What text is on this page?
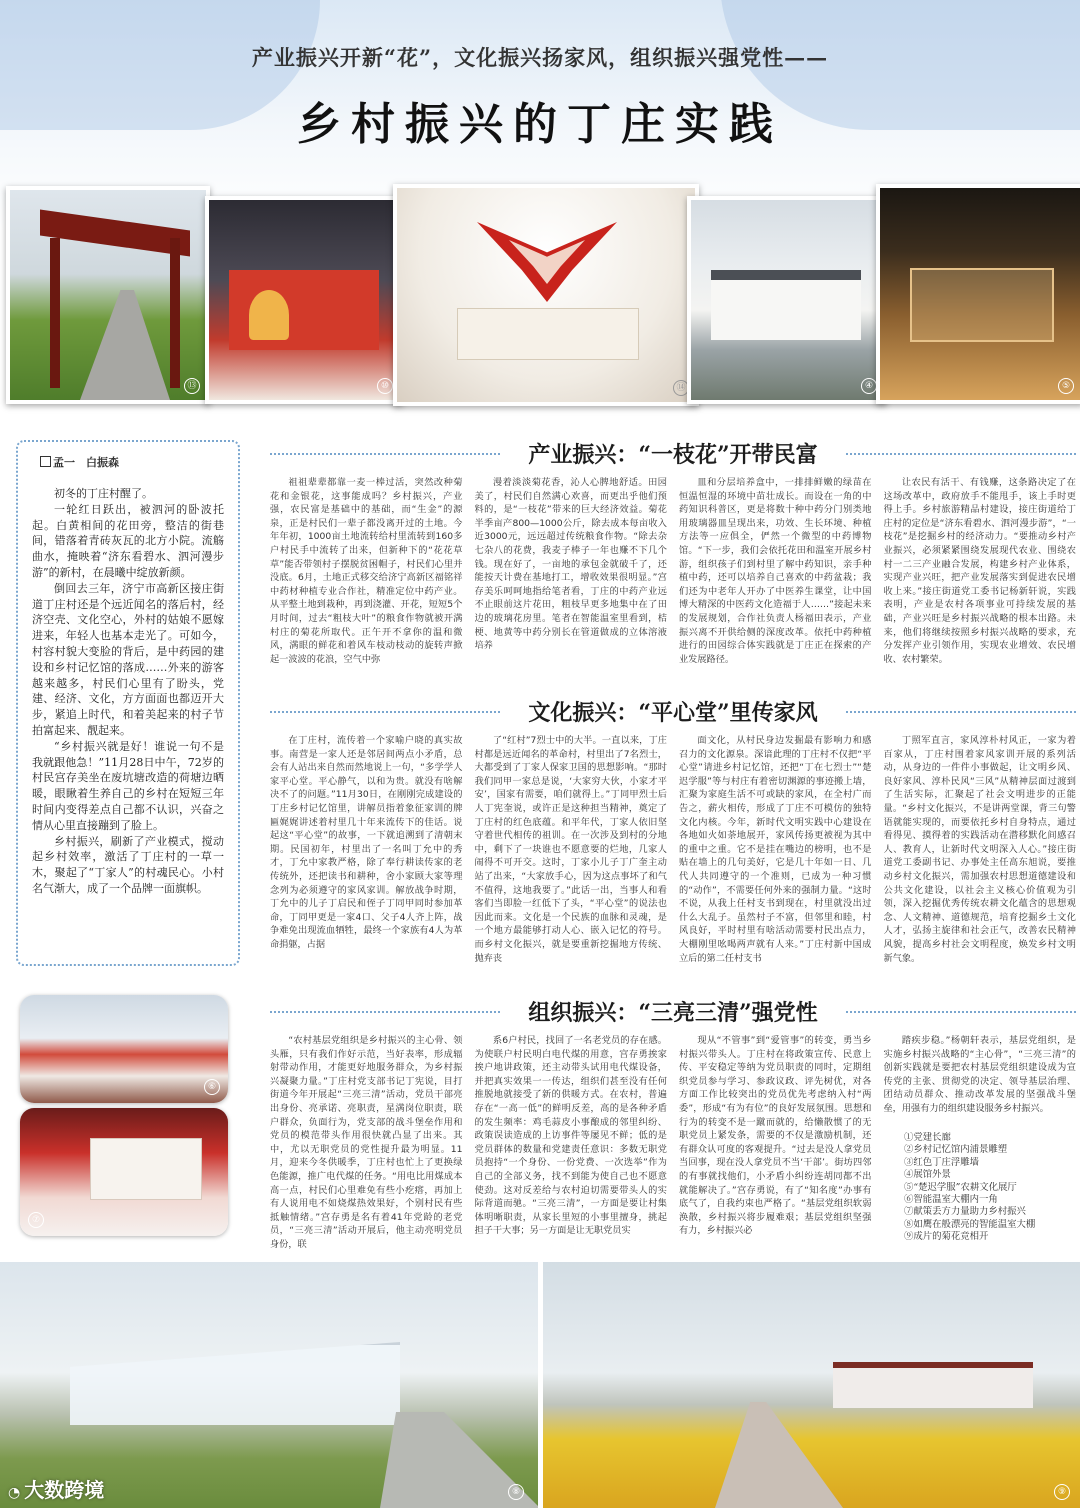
产业振兴开新“花”，文化振兴扬家风，组织振兴强党性——
乡村振兴的丁庄实践
⑬	⑩	⑭	④	⑤
孟一　白振森

初冬的丁庄村醒了。

一轮红日跃出，被泗河的卧波托起。白黄相间的花田旁，整洁的街巷间，错落着青砖灰瓦的北方小院。流觞曲水，掩映着“济东看碧水、泗河漫步游”的新村，在晨曦中绽放新颜。

倒回去三年，济宁市高新区接庄街道丁庄村还是个远近闻名的落后村，经济空壳、文化空心，外村的姑娘不愿嫁进来，年轻人也基本走光了。可如今，村容村貌大变脸的背后，是中药园的建设和乡村记忆馆的落成……外来的游客越来越多，村民们心里有了盼头，党建、经济、文化，方方面面也都迈开大步，紧追上时代，和着美起来的村子节拍富起来、靓起来。

“乡村振兴就是好！谁说一句不是我就跟他急！”11月28日中午，72岁的村民宫存美坐在废坑塘改造的荷塘边晒暖，眼瞅着生养自己的乡村在短短三年时间内变得差点自己都不认识，兴奋之情从心里直接蹦到了脸上。

乡村振兴，刷新了产业模式，搅动起乡村效率，激活了丁庄村的一草一木，聚起了“丁家人”的村魂民心。小村名气渐大，成了一个品牌一面旗帜。

产业振兴：“一枝花”开带民富

祖祖辈辈都靠一麦一棒过活，突然改种菊花和金银花，这事能成吗？乡村振兴，产业强，农民富是基础中的基础，而“生金”的源泉，正是村民们一辈子都没离开过的土地。今年年初，1000亩土地流转给村里流转到160多户村民手中流转了出来，但新种下的“花花草草”能否带领村子摆脱贫困帽子，村民们心里并没底。6月，土地正式移交给济宁高新区福铭祥中药材种植专业合作社，精准定位中药产业。从平整土地到栽种，再到浇灌、开花，短短5个月时间，过去“粗枝大叶”的粮食作物就被开满村庄的菊花所取代。正午开不拿你的温和微风，满眼的鲜花和着风车枝动枝动的旋转声掀起一波波的花浪，空气中弥

漫着淡淡菊花香，沁人心脾地舒适。田园美了，村民们自然满心欢喜，而更出乎他们预料的，是“一枝花”带来的巨大经济效益。菊花半季亩产800—1000公斤，除去成本每亩收入近3000元，远远超过传统粮食作物。“除去杂七杂八的花费，我麦子棒子一年也赚不下几个钱。现在好了，一亩地的承包金就破千了，还能按天计费在基地打工，增收效果很明显。”宫存美乐呵呵地指给笔者看，丁庄的中药产业远不止眼前这片花田，粗枝早更多地集中在了田边的玻璃花房里。笔者在智能温室里看到，桔梗、地黄等中药分别长在管道做成的立体溶液培养

皿和分层培养盒中，一排排鲜嫩的绿苗在恒温恒湿的环境中苗壮成长。而设在一角的中药知识科普区，更是将数十种中药分门别类地用玻璃器皿呈现出来，功效、生长环境、种植方法等一应俱全，俨然一个微型的中药博物馆。“下一步，我们会依托花田和温室开展乡村游，组织孩子们到村里了解中药知识，亲手种植中药，还可以培养自己喜欢的中药盆栽；我们还为中老年人开办了中医养生课堂，让中国博大精深的中医药文化造福于人……”接起未来的发展规划，合作社负责人杨福田表示，产业振兴离不开供给侧的深度改革。依托中药种植进行的田园综合体实践就是丁庄正在探索的产业发展路径。

让农民有活干、有钱赚，这条路决定了在这场改革中，政府放手不能甩手，该上手时更得上手。乡村旅游精品村建设，接庄街道给丁庄村的定位是“济东看碧水、泗河漫步游”，“一枝花”是挖掘乡村的经济动力。“要推动乡村产业振兴，必须紧紧围绕发展现代农业、围绕农村一二三产业融合发展，构建乡村产业体系，实现产业兴旺，把产业发展落实到促进农民增收上来。”接庄街道党工委书记杨新轩说，实践表明，产业是农村各项事业可持续发展的基础，产业兴旺是乡村振兴战略的根本出路。未来，他们将继续按照乡村振兴战略的要求，充分发挥产业引领作用，实现农业增效、农民增收、农村繁荣。

文化振兴：“平心堂”里传家风

在丁庄村，流传着一个家喻户晓的真实故事。南营是一家人还是邻居间两点小矛盾，总会有人站出来自然而然地说上一句，“多学学人家平心堂。平心静气，以和为贵。就没有啥解决不了的问题。”11月30日，在刚刚完成建设的丁庄乡村记忆馆里，讲解员指着象征家训的牌匾娓娓讲述着村里几十年来流传下的佳话。说起这“平心堂”的故事，一下就追溯到了清朝末期。民国初年，村里出了一名叫丁允中的秀才，丁允中家教严格，除了奉行耕读传家的老传统外，还把读书和耕种，舍小家顾大家等理念列为必须遵守的家风家训。解放战争时期，丁允中的儿子丁启民和侄子丁同甲同时参加革命，丁同甲更是一家4口、父子4人齐上阵，战争难免出现流血牺牲，最终一个家族有4人为革命捐躯，占据

了“红村”7烈士中的大半。一直以来，丁庄村都是远近闻名的革命村，村里出了7名烈士，大都受到了丁家人保家卫国的思想影响。“那时我们同甲一家总是说，‘大家穷大伙，小家才平安’，国家有需要，咱们就得上。”丁同甲烈士后人丁宪奎说，或许正是这种担当精神，奠定了丁庄村的红色底蕴。和平年代，丁家人依旧坚守着世代相传的祖训。在一次涉及到村的分地中，剩下了一块谁也不愿意要的烂地，几家人闹得不可开交。这时，丁家小儿子丁广奎主动站了出来，“大家放手心，因为这点事坏了和气不值得，这地我要了。”此话一出，当事人和看客们当即脸一红低下了头，“平心堂”的说法也因此而来。文化是一个民族的血脉和灵魂，是一个地方最能够打动人心、嵌入记忆的符号。而乡村文化振兴，就是要重新挖掘地方传统、抛弃丧

面文化，从村民身边发掘最有影响力和感召力的文化源泉。深谙此理的丁庄村不仅把“平心堂”请进乡村记忆馆，还把“丁在七烈士”“楚迟学服”等与村庄有着密切渊源的事迹搬上墙，汇聚为家庭生活不可或缺的家风，在全村广而告之，薪火相传，形成了丁庄不可模仿的独特文化内核。今年，新时代文明实践中心建设在各地如火如荼地展开，家风传扬更被视为其中的重中之重。它不是挂在嘴边的榜明，也不是贴在墙上的几句美好，它是几十年如一日、几代人共同遵守的一个准则，已成为一种习惯的“动作”，不需要任何外来的强制力量。“这时不说，从我上任村支书到现在，村里就没出过什么大乱子。虽然村子不富，但邻里和睦，村风良好，平时村里有啥活动需要村民出点力，大棚刚里吆喝两声就有人来。”丁庄村新中国成立后的第二任村支书

丁照军直言，家风淳朴村风正，一家为着百家从，丁庄村围着家风家训开展的系列活动，从身边的一件件小事做起，让文明乡风、良好家风、淳朴民风“三风”从精神层面过渡到了生活实际，汇聚起了社会文明进步的正能量。“乡村文化振兴，不是讲两堂课，背三句警语就能实现的，而要依托乡村自身特点，通过看得见、摸得着的实践活动在潜移默化间感召人、教育人，让新时代文明深入人心。”接庄街道党工委副书记、办事处主任高东旭说，要推动乡村文化振兴，需加强农村思想道德建设和公共文化建设，以社会主义核心价值观为引领，深入挖掘优秀传统农耕文化蕴含的思想观念、人文精神、道德规范，培育挖掘乡土文化人才，弘扬主旋律和社会正气，改善农民精神风貌，提高乡村社会文明程度，焕发乡村文明新气象。

组织振兴：“三亮三清”强党性

“农村基层党组织是乡村振兴的主心骨、领头雁，只有我们作好示范，当好表率，形成辐射带动作用，才能更好地服务群众，为乡村振兴凝聚力量。”丁庄村党支部书记丁宪说，目打街道今年开展起“三亮三清”活动，党员干部亮出身份、亮承诺、亮职责，星满岗位职责，联户群众，负面行为，党支部的战斗堡垒作用和党员的模范带头作用很快就凸显了出来。其中，尤以无职党员的党性提升最为明显。11月，迎来今冬供暖季，丁庄村也忙上了更换绿色能源，推广电代煤的任务。“用电比用煤成本高一点，村民们心里难免有些小疙瘩，再加上有人说用电不如烧煤热效果好，个别村民有些抵触情绪。”宫存勇是名有着41年党龄的老党员，“三亮三清”活动开展后，他主动亮明党员身份，联

系6户村民，找回了一名老党员的存在感。为使联户村民明白电代煤的用意，宫存勇挨家挨户地讲政策，还主动带头试用电代煤设备，并把真实效果一一传达，组织们甚至没有任何推脱地就接受了新的供暖方式。在农村，普遍存在“一高一低”的鲜明反差，高的是各种矛盾的发生频率：鸡毛蒜皮小事酿成的邻里纠纷、政策误读造成的上访事件等屡见不鲜；低的是党员群体的数量和党建责任意识：多数无职党员抱持“一个身份、一份党费、一次选举”作为自己的全部义务，找不到能为使自己也不愿意使劲。这对反差给与农村迫切需要带头人的实际背道而驰。“三亮三清”，一方面是要让村集体明晰职责，从家长里短的小事里擅身，挑起担子干大事；另一方面是让无职党员实

现从“不管事”到“爱管事”的转变，勇当乡村振兴带头人。丁庄村在将政策宣传、民意上传、平安稳定等纳为党员职责的同时，定期组织党员参与学习、参政议政、评先树优，对各方面工作比较突出的党员优先考虑纳入村“两委”，形成“有为有位”的良好发展氛围。思想和行为的转变不是一蹴而就的，给懒散惯了的无职党员上紧发条，需要的不仅是激励机制，还有群众认可度的客观提升。“过去是没人拿党员当回事，现在没人拿党员不当‘干部’。街坊四邻的有事就找他们，小矛盾小纠纷连胡同都不出就能解决了。”宫存勇说，有了“知名度”办事有底气了，自我约束也严格了。“基层党组织软弱涣散，乡村振兴将步履难艰；基层党组织坚强有力，乡村振兴必

踏疾步稳。”杨朝轩表示，基层党组织，是实施乡村振兴战略的“主心骨”，“三亮三清”的创新实践就是要把农村基层党组织建设成为宣传党的主张、贯彻党的决定、领导基层治理、团结动员群众、推动改革发展的坚强战斗堡垒，用强有力的组织建设服务乡村振兴。

①党建长廊
②乡村记忆馆内浦景雕塑
③红色丁庄浮雕墙
④展馆外景
⑤“楚迟学服”农耕文化展厅
⑥智能温室大棚内一角
⑦献策丢方力量助力乡村振兴
⑧如鹰在般漂亮的智能温室大棚
⑨成片的菊花竞相开
⑥
⑦
⑧	⑨
◔ 大数跨境
